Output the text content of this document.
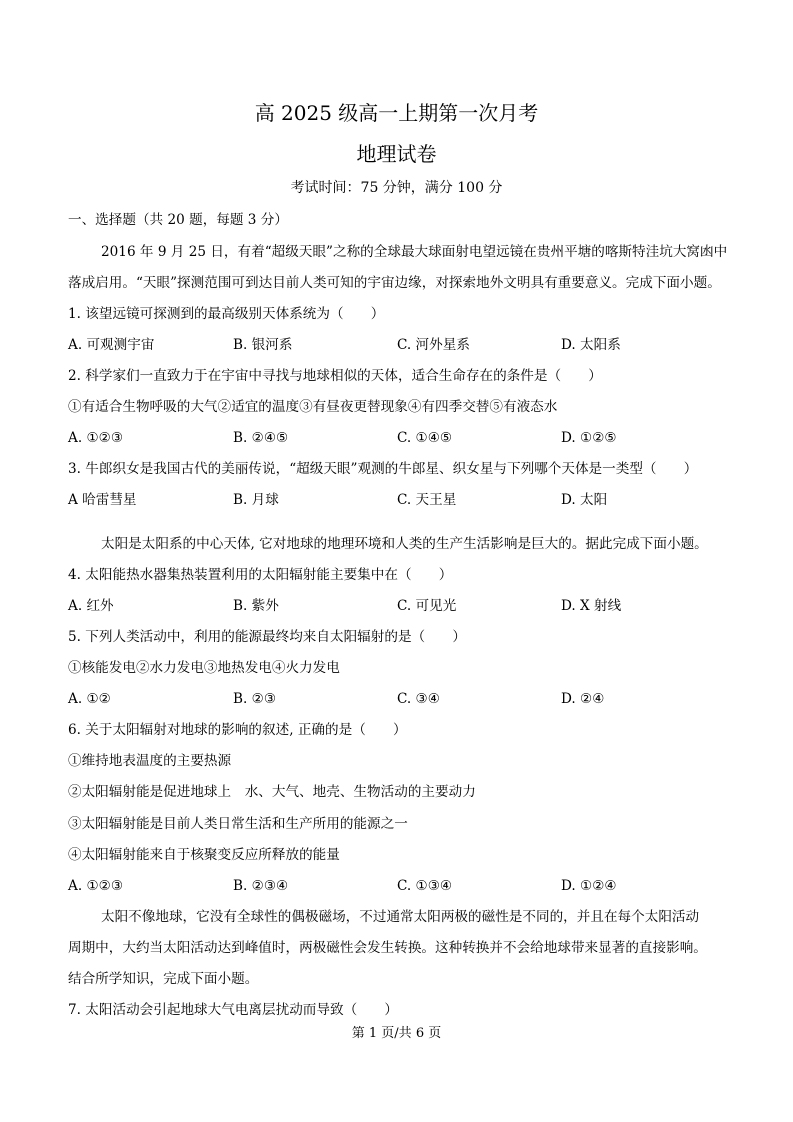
高 2025 级高一上期第一次月考
地理试卷
考试时间：75 分钟，满分 100 分
一、选择题（共 20 题，每题 3 分）
2016 年 9 月 25 日，有着“超级天眼”之称的全球最大球面射电望远镜在贵州平塘的喀斯特洼坑大窝凼中
落成启用。“天眼”探测范围可到达目前人类可知的宇宙边缘，对探索地外文明具有重要意义。完成下面小题。
1. 该望远镜可探测到的最高级别天体系统为（　　）
A. 可观测宇宙	B. 银河系	C. 河外星系	D. 太阳系
2. 科学家们一直致力于在宇宙中寻找与地球相似的天体，适合生命存在的条件是（　　）
①有适合生物呼吸的大气②适宜的温度③有昼夜更替现象④有四季交替⑤有液态水
A. ①②③	B. ②④⑤	C. ①④⑤	D. ①②⑤
3. 牛郎织女是我国古代的美丽传说，“超级天眼”观测的牛郎星、织女星与下列哪个天体是一类型（　　）
A 哈雷彗星	B. 月球	C. 天王星	D. 太阳
太阳是太阳系的中心天体, 它对地球的地理环境和人类的生产生活影响是巨大的。据此完成下面小题。
4. 太阳能热水器集热装置利用的太阳辐射能主要集中在（　　）
A. 红外	B. 紫外	C. 可见光	D. X 射线
5. 下列人类活动中，利用的能源最终均来自太阳辐射的是（　　）
①核能发电②水力发电③地热发电④火力发电
A. ①②	B. ②③	C. ③④	D. ②④
6. 关于太阳辐射对地球的影响的叙述, 正确的是（　　）
①维持地表温度的主要热源
②太阳辐射能是促进地球上　水、大气、地壳、生物活动的主要动力
③太阳辐射能是目前人类日常生活和生产所用的能源之一
④太阳辐射能来自于核聚变反应所释放的能量
A. ①②③	B. ②③④	C. ①③④	D. ①②④
太阳不像地球，它没有全球性的偶极磁场，不过通常太阳两极的磁性是不同的，并且在每个太阳活动
周期中，大约当太阳活动达到峰值时，两极磁性会发生转换。这种转换并不会给地球带来显著的直接影响。
结合所学知识，完成下面小题。
7. 太阳活动会引起地球大气电离层扰动而导致（　　）
第 1 页/共 6 页
